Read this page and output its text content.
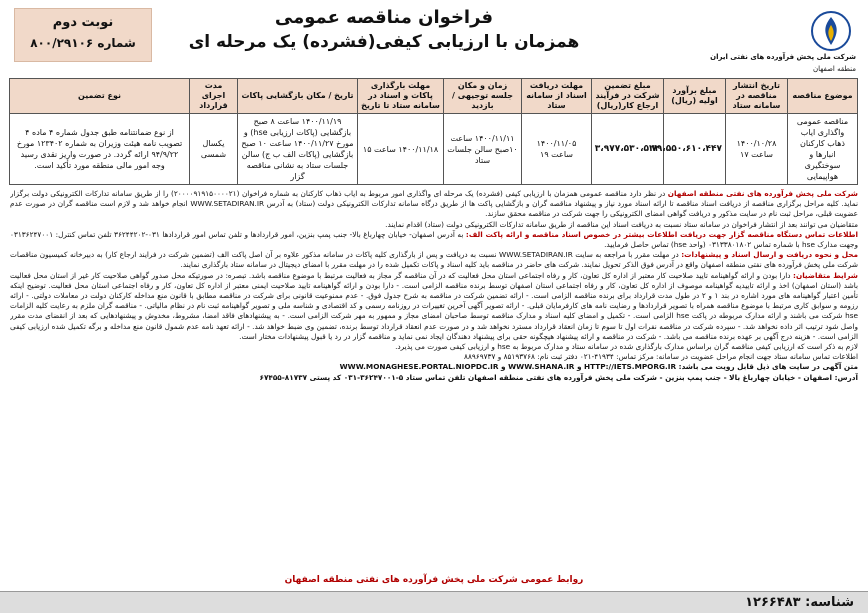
شرکت ملی پخش فرآورده های نفتی ایران
منطقه اصفهان
فراخوان مناقصه عمومی
همزمان با ارزیابی کیفی(فشرده) یک مرحله ای
نوبت دوم
شماره ۸۰۰/۲۹۱۰۶
موضوع مناقصه	تاریخ انتشار مناقصه در سامانه ستاد	مبلغ برآورد اولیه (ریال)	مبلغ تضمین شرکت در فرآیند ارجاع کار(ریال)	مهلت دریافت اسناد از سامانه ستاد	زمان و مکان جلسه توجیهی / بازدید	مهلت بارگذاری پاکات و اسناد در سامانه ستاد تا تاریخ	تاریخ / مکان بازگشایی پاکات	مدت اجرای قرارداد	نوع تضمین
مناقصه عمومی واگذاری ایاب ذهاب کارکنان انبارها و سوختگیری هواپیمایی	۱۴۰۰/۱۰/۲۸ ساعت ۱۷	۷۹،۵۵۰،۶۱۰،۴۴۷	۳،۹۷۷،۵۳۰،۵۲۲	۱۴۰۰/۱۱/۰۵ ساعت ۱۹	۱۴۰۰/۱۱/۱۱ ساعت ۱۰صبح سالن جلسات ستاد	۱۴۰۰/۱۱/۱۸ ساعت ۱۵	۱۴۰۰/۱۱/۱۹ ساعت ۸ صبح بازگشایی (پاکات ارزیابی hse) و مورخ ۱۴۰۰/۱۱/۲۷ ساعت ۱۰ صبح بازگشایی (پاکات الف ب ج) سالن جلسات ستاد به نشانی مناقصه گزار	یکسال شمسی	از نوع ضمانتنامه طبق جدول شماره ۴ ماده ۴ تصویب نامه هیئت وزیران به شماره ۱۲۳۴۰۲ مورخ ۹۴/۹/۲۲ ارائه گردد. در صورت واریز نقدی رسید وجه امور مالی منطقه مورد تأکید است.

شرکت ملی پخش فرآورده های نفتی منطقه اصفهان در نظر دارد مناقصه عمومی همزمان با ارزیابی کیفی (فشرده) یک مرحله ای واگذاری امور مربوط به ایاب ذهاب کارکنان به شماره فراخوان (۲۰۰۰۰۹۱۹۱۵۰۰۰۰۲۱) را از طریق سامانه تدارکات الکترونیکی دولت برگزار نماید. کلیه مراحل برگزاری مناقصه از دریافت اسناد مناقصه تا ارائه اسناد مورد نیاز و پیشنهاد مناقصه گران و بازگشایی پاکت ها از طریق درگاه سامانه تدارکات الکترونیکی دولت (ستاد) به آدرس WWW.SETADIRAN.IR انجام خواهد شد و لازم است مناقصه گران در صورت عدم عضویت قبلی، مراحل ثبت نام در سایت مذکور و دریافت گواهی امضای الکترونیکی را جهت شرکت در مناقصه محقق سازند.

متقاضیان می توانند بعد از انتشار فراخوان در سامانه ستاد نسبت به دریافت اسناد این مناقصه از طریق سامانه تدارکات الکترونیکی دولت (ستاد) اقدام نمایند.

اطلاعات تماس دستگاه مناقصه گزار جهت دریافت اطلاعات بیشتر در خصوص اسناد مناقصه و ارائه پاکت الف: به آدرس اصفهان- خیابان چهارباغ بالا- جنب پمپ بنزین، امور قراردادها و تلفن تماس امور قراردادها ۰۳۱-۳۶۲۴۴۲۰۲ تلفن تماس کنترل: ۰۳۱۳۶۲۴۷۰۰۱ وجهت مدارک hse با شماره تماس ۰۳۱۳۳۸۰۱۸۰۲ (واحد hse) تماس حاصل فرمایید.

محل و نحوه دریافت و ارسال اسناد و پیشنهادات: در مهلت مقرر با مراجعه به سایت WWW.SETADIRAN.IR نسبت به دریافت و پس از بارگذاری کلیه پاکات در سامانه مذکور علاوه بر آن اصل پاکت الف (تضمین شرکت در فرایند ارجاع کار) به دبیرخانه کمیسیون مناقصات شرکت ملی پخش فرآورده های نفتی منطقه اصفهان واقع در آدرس فوق الذکر تحویل نمایند. شرکت های حاضر در مناقصه باید کلیه اسناد و پاکات تکمیل شده را در مهلت مقرر با امضای دیجیتال در سامانه ستاد بارگذاری نمایند.

شرایط متقاضیان: دارا بودن و ارائه گواهینامه تایید صلاحیت کار معتبر از اداره کل تعاون، کار و رفاه اجتماعی استان محل فعالیت که در آن مناقصه گر مجاز به فعالیت مرتبط با موضوع مناقصه باشد. تبصره: در صورتیکه محل صدور گواهی صلاحیت کار غیر از استان محل فعالیت باشد (استان اصفهان) اخذ و ارائه تاییدیه گواهینامه موصوف از اداره کل تعاون، کار و رفاه اجتماعی استان اصفهان توسط برنده مناقصه الزامی است. - دارا بودن و ارائه گواهینامه تایید صلاحیت ایمنی معتبر از اداره کل تعاون، کار و رفاه اجتماعی استان محل فعالیت. توضیح اینکه تأمین اعتبار گواهینامه های مورد اشاره در بند ۱ و ۲ در طول مدت قرارداد برای برنده مناقصه الزامی است. - ارائه تضمین شرکت در مناقصه به شرح جدول فوق. - عدم ممنوعیت قانونی برای شرکت در مناقصه مطابق با قانون منع مداخله کارکنان دولت در معاملات دولتی. - ارائه رزومه و سوابق کاری مرتبط با موضوع مناقصه همراه با تصویر قراردادها و رضایت نامه های کارفرمایان قبلی. - ارائه تصویر آگهی آخرین تغییرات در روزنامه رسمی و کد اقتصادی و شناسه ملی و تصویر گواهینامه ثبت نام در نظام مالیاتی. - مناقصه گران ملزم به رعایت کلیه الزامات hse شرکت می باشند و ارائه مدارک مربوطه در پاکت hse الزامی است. - تکمیل و امضای کلیه اسناد و مدارک مناقصه توسط صاحبان امضای مجاز و ممهور به مهر شرکت الزامی است. - به پیشنهادهای فاقد امضا، مشروط، مخدوش و پیشنهادهایی که بعد از انقضای مدت مقرر واصل شود ترتیب اثر داده نخواهد شد. - سپرده شرکت در مناقصه نفرات اول تا سوم تا زمان انعقاد قرارداد مسترد نخواهد شد و در صورت عدم انعقاد قرارداد توسط برنده، تضمین وی ضبط خواهد شد. - ارائه تعهد نامه عدم شمول قانون منع مداخله و برگه تکمیل شده ارزیابی کیفی الزامی است. - هزینه درج آگهی بر عهده برنده مناقصه می باشد. - شرکت در مناقصه و ارائه پیشنهاد هیچگونه حقی برای پیشنهاد دهندگان ایجاد نمی نماید و مناقصه گزار در رد یا قبول پیشنهادات مختار است.

لازم به ذکر است که ارزیابی کیفی مناقصه گران براساس مدارک بارگذاری شده در سامانه ستاد و مدارک مربوط به hse و ارزیابی کیفی صورت می پذیرد.

اطلاعات تماس سامانه ستاد جهت انجام مراحل عضویت در سامانه: مرکز تماس: ۴۱۹۳۴-۰۲۱ دفتر ثبت نام: ۸۵۱۹۳۷۶۸ و ۸۸۹۶۹۷۳۷

متن آگهی در سایت های ذیل قابل رویت می باشد: HTTP://IETS.MPORG.IR و WWW.SHANA.IR و WWW.MONAGHESE.PORTAL.NIOPDC.IR

آدرس: اصفهان - خیابان چهارباغ بالا - جنب پمپ بنزین - شرکت ملی پخش فرآورده های نفتی منطقه اصفهان تلفن تماس ستاد ۵-۳۶۲۴۷۰۰۱-۰۳۱ کد پستی ۸۱۷۳۷-۶۷۴۵۵

روابط عمومی شرکت ملی پخش فرآورده های نفتی منطقه اصفهان
شناسه: ۱۲۶۶۴۸۳
